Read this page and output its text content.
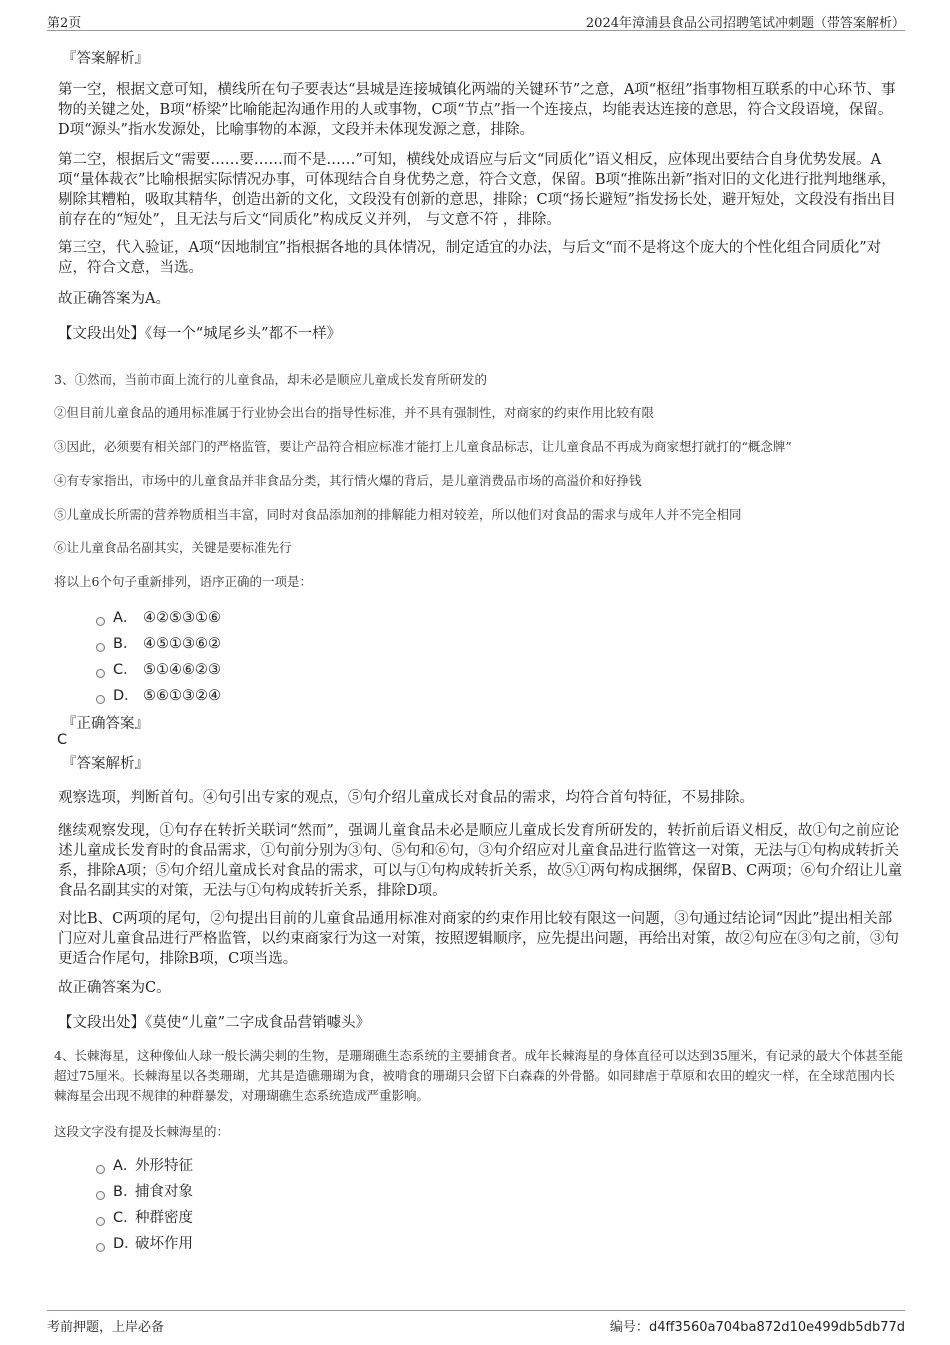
第2页	2024年漳浦县食品公司招聘笔试冲刺题（带答案解析）
『答案解析』

第一空，根据文意可知，横线所在句子要表达“县城是连接城镇化两端的关键环节”之意，A项“枢纽”指事物相互联系的中心环节、事物的关键之处，B项“桥梁”比喻能起沟通作用的人或事物，C项“节点”指一个连接点，均能表达连接的意思，符合文段语境，保留。D项“源头”指水发源处，比喻事物的本源，文段并未体现发源之意，排除。

第二空，根据后文“需要……要……而不是……”可知，横线处成语应与后文“同质化”语义相反，应体现出要结合自身优势发展。A项“量体裁衣”比喻根据实际情况办事，可体现结合自身优势之意，符合文意，保留。B项“推陈出新”指对旧的文化进行批判地继承，剔除其糟粕，吸取其精华，创造出新的文化，文段没有创新的意思，排除；C项“扬长避短”指发扬长处，避开短处，文段没有指出目前存在的“短处”，且无法与后文“同质化”构成反义并列， 与文意不符 ，排除。

第三空，代入验证，A项“因地制宜”指根据各地的具体情况，制定适宜的办法，与后文“而不是将这个庞大的个性化组合同质化”对应，符合文意，当选。

故正确答案为A。

【文段出处】《每一个“城尾乡头”都不一样》

3、①然而，当前市面上流行的儿童食品，却未必是顺应儿童成长发育所研发的

②但目前儿童食品的通用标准属于行业协会出台的指导性标准，并不具有强制性，对商家的约束作用比较有限

③因此，必须要有相关部门的严格监管，要让产品符合相应标准才能打上儿童食品标志，让儿童食品不再成为商家想打就打的“概念牌”

④有专家指出，市场中的儿童食品并非食品分类，其行情火爆的背后，是儿童消费品市场的高溢价和好挣钱

⑤儿童成长所需的营养物质相当丰富，同时对食品添加剂的排解能力相对较差，所以他们对食品的需求与成年人并不完全相同

⑥让儿童食品名副其实，关键是要标准先行

将以上6个句子重新排列，语序正确的一项是：

A． ④②⑤③①⑥
B． ④⑤①③⑥②
C． ⑤①④⑥②③
D． ⑤⑥①③②④
『正确答案』
C
『答案解析』

观察选项，判断首句。④句引出专家的观点，⑤句介绍儿童成长对食品的需求，均符合首句特征，不易排除。

继续观察发现，①句存在转折关联词“然而”，强调儿童食品未必是顺应儿童成长发育所研发的，转折前后语义相反，故①句之前应论述儿童成长发育时的食品需求，①句前分别为③句、⑤句和⑥句，③句介绍应对儿童食品进行监管这一对策，无法与①句构成转折关系，排除A项；⑤句介绍儿童成长对食品的需求，可以与①句构成转折关系，故⑤①两句构成捆绑，保留B、C两项；⑥句介绍让儿童食品名副其实的对策，无法与①句构成转折关系，排除D项。

对比B、C两项的尾句，②句提出目前的儿童食品通用标准对商家的约束作用比较有限这一问题，③句通过结论词“因此”提出相关部门应对儿童食品进行严格监管，以约束商家行为这一对策，按照逻辑顺序，应先提出问题，再给出对策，故②句应在③句之前，③句更适合作尾句，排除B项，C项当选。

故正确答案为C。

【文段出处】《莫使“儿童”二字成食品营销噱头》

4、长棘海星，这种像仙人球一般长满尖刺的生物，是珊瑚礁生态系统的主要捕食者。成年长棘海星的身体直径可以达到35厘米，有记录的最大个体甚至能超过75厘米。长棘海星以各类珊瑚，尤其是造礁珊瑚为食，被啃食的珊瑚只会留下白森森的外骨骼。如同肆虐于草原和农田的蝗灾一样，在全球范围内长棘海星会出现不规律的种群暴发，对珊瑚礁生态系统造成严重影响。

这段文字没有提及长棘海星的：

A．
外形特征
B．
捕食对象
C．
种群密度
D．
破坏作用
考前押题，上岸必备	编号：d4ff3560a704ba872d10e499db5db77d
